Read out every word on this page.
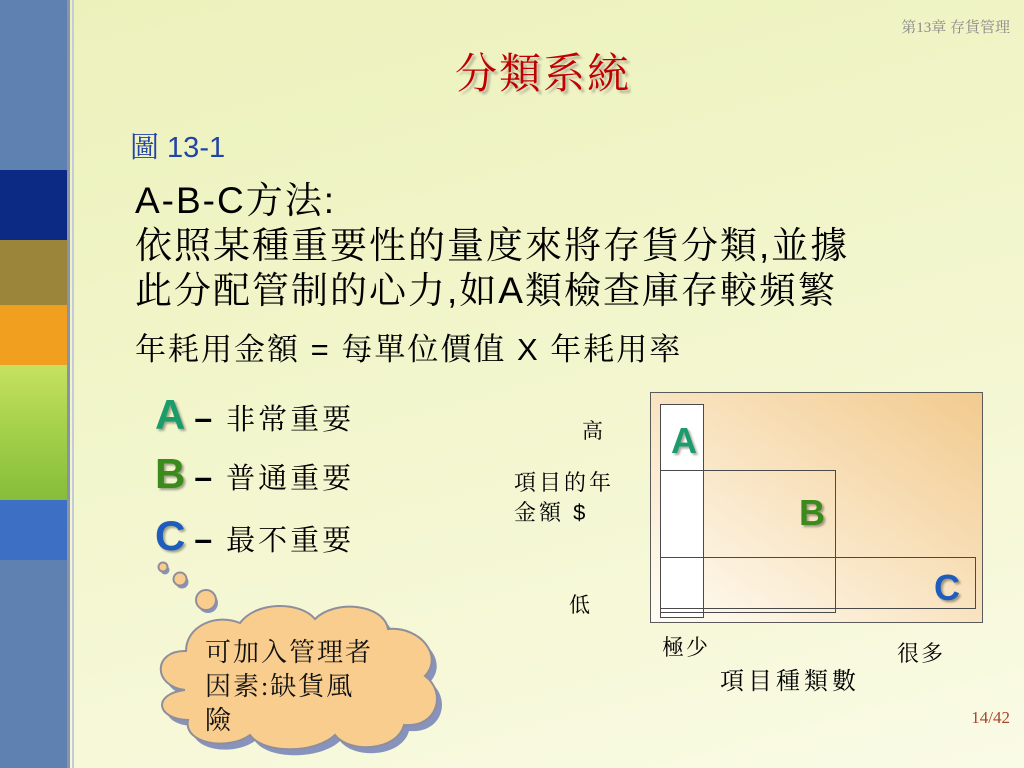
第13章 存貨管理
分類系統
圖 13-1
A-B-C方法:
依照某種重要性的量度來將存貨分類,並據
此分配管制的心力,如A類檢查庫存較頻繁
年耗用金額 = 每單位價值 X 年耗用率
A – 非常重要
B – 普通重要
C – 最不重要
可加入管理者
因素:缺貨風
險
A
B
C
高
項目的年
金額 $
低
極少	很多
項目種類數
14/42
